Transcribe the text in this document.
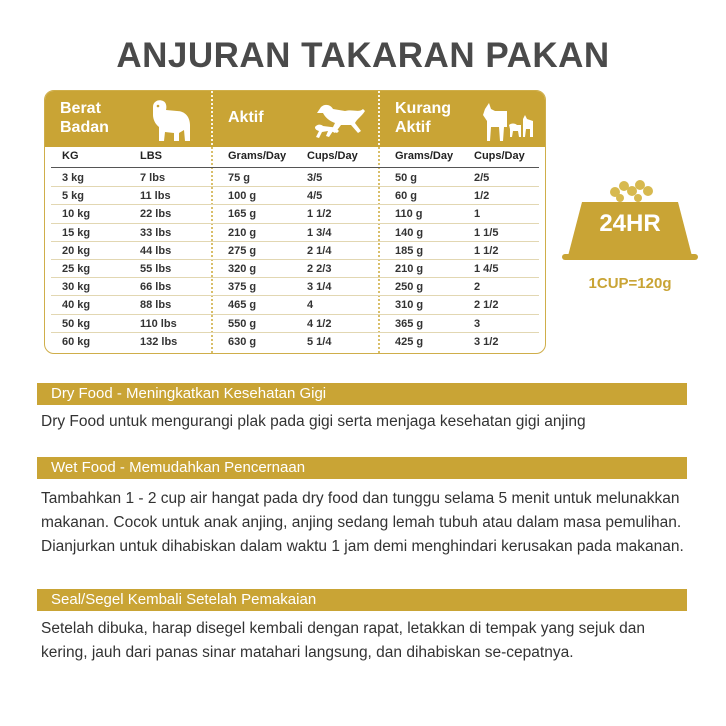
ANJURAN TAKARAN PAKAN
Berat
Badan
Aktif
Kurang
Aktif
KG	LBS	Grams/Day Cups/Day	Grams/Day Cups/Day
3 kg	7 lbs	75 g	3/5	50 g	2/5
5 kg	11 lbs	100 g	4/5	60 g	1/2
10 kg	22 lbs	165 g	1 1/2	110 g	1
15 kg	33 lbs	210 g	1 3/4	140 g	1 1/5
20 kg	44 lbs	275 g	2 1/4	185 g	1 1/2
25 kg	55 lbs	320 g	2 2/3	210 g	1 4/5
30 kg	66 lbs	375 g	3 1/4	250 g	2
40 kg	88 lbs	465 g	4	310 g	2 1/2
50 kg	110 lbs	550 g	4 1/2	365 g	3
60 kg	132 lbs	630 g	5 1/4	425 g	3 1/2
24HR
1CUP=120g
Dry Food - Meningkatkan Kesehatan Gigi
Dry Food untuk mengurangi plak pada gigi serta menjaga kesehatan gigi anjing
Wet Food - Memudahkan Pencernaan
Tambahkan 1 - 2 cup air hangat pada dry food dan tunggu selama 5 menit untuk melunakkan makanan. Cocok untuk anak anjing, anjing sedang lemah tubuh atau dalam masa pemulihan. Dianjurkan untuk dihabiskan dalam waktu 1 jam demi menghindari kerusakan pada makanan.
Seal/Segel Kembali Setelah Pemakaian
Setelah dibuka, harap disegel kembali dengan rapat, letakkan di tempak yang sejuk dan kering, jauh dari panas sinar matahari langsung, dan dihabiskan se-cepatnya.
